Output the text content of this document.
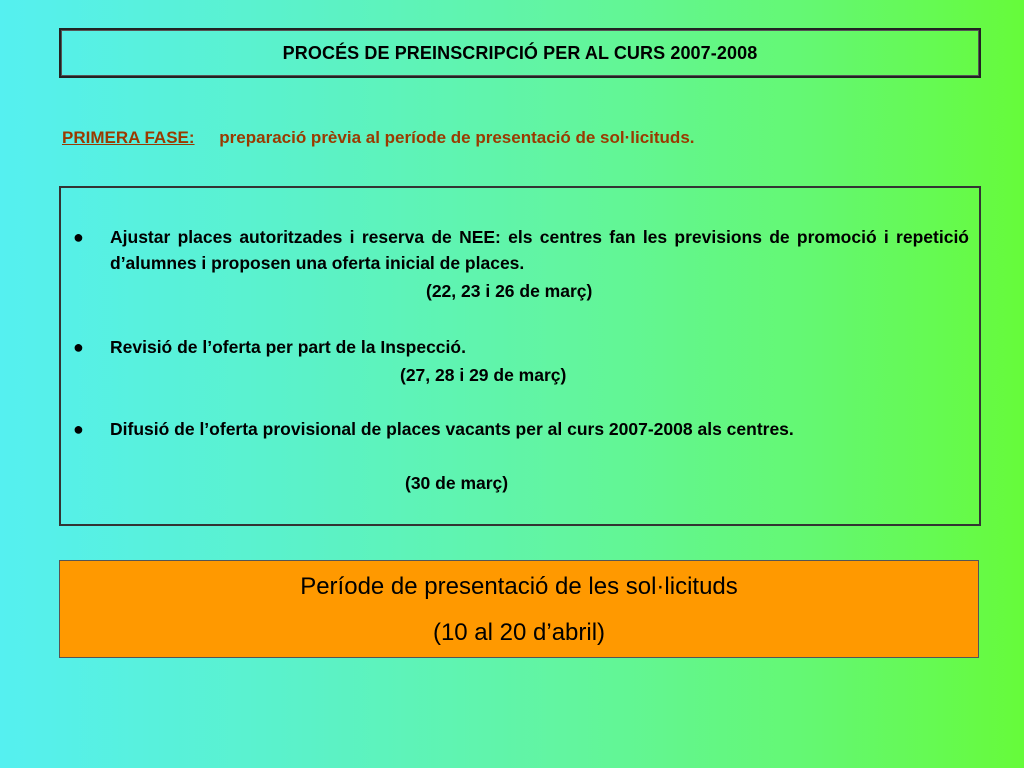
PROCÉS DE PREINSCRIPCIÓ PER AL CURS 2007-2008
PRIMERA FASE: preparació prèvia al període de presentació de sol·licituds.
● Ajustar places autoritzades i reserva de NEE: els centres fan les previsions de promoció i repetició d’alumnes i proposen una oferta inicial de places.
(22, 23 i 26 de març)
● Revisió de l’oferta per part de la Inspecció.
(27, 28 i 29 de març)
● Difusió de l’oferta provisional de places vacants per al curs 2007-2008 als centres.
(30 de març)
Període de presentació de les sol·licituds
(10 al 20 d’abril)
